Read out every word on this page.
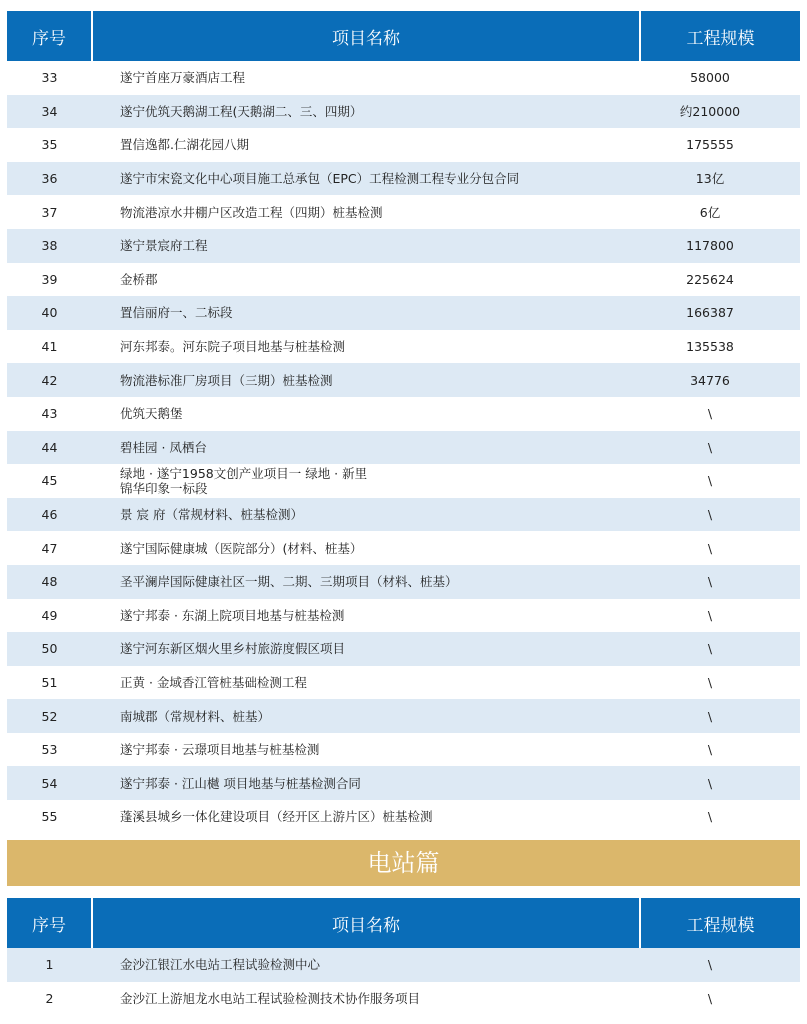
序号	项目名称	工程规模
33	遂宁首座万豪酒店工程	58000
34	遂宁优筑天鹅湖工程(天鹅湖二、三、四期）	约210000
35	置信逸都.仁湖花园八期	175555
36	遂宁市宋瓷文化中心项目施工总承包（EPC）工程检测工程专业分包合同	13亿
37	物流港凉水井棚户区改造工程（四期）桩基检测	6亿
38	遂宁景宸府工程	117800
39	金桥郡	225624
40	置信丽府一、二标段	166387
41	河东邦泰。河东院子项目地基与桩基检测	135538
42	物流港标准厂房项目（三期）桩基检测	34776
43	优筑天鹅堡	\
44	碧桂园 · 凤栖台	\
45	绿地 · 遂宁1958文创产业项目一 绿地 · 新里
锦华印象一标段	\
46	景 宸 府（常规材料、桩基检测）	\
47	遂宁国际健康城（医院部分）(材料、桩基）	\
48	圣平澜岸国际健康社区一期、二期、三期项目（材料、桩基）	\
49	遂宁邦泰 · 东湖上院项目地基与桩基检测	\
50	遂宁河东新区烟火里乡村旅游度假区项目	\
51	正黄 · 金域香江管桩基础检测工程	\
52	南城郡（常规材料、桩基）	\
53	遂宁邦泰 · 云璟项目地基与桩基检测	\
54	遂宁邦泰 · 江山樾 项目地基与桩基检测合同	\
55	蓬溪县城乡一体化建设项目（经开区上游片区）桩基检测	\
电站篇
序号	项目名称	工程规模
1	金沙江银江水电站工程试验检测中心	\
2	金沙江上游旭龙水电站工程试验检测技术协作服务项目	\
